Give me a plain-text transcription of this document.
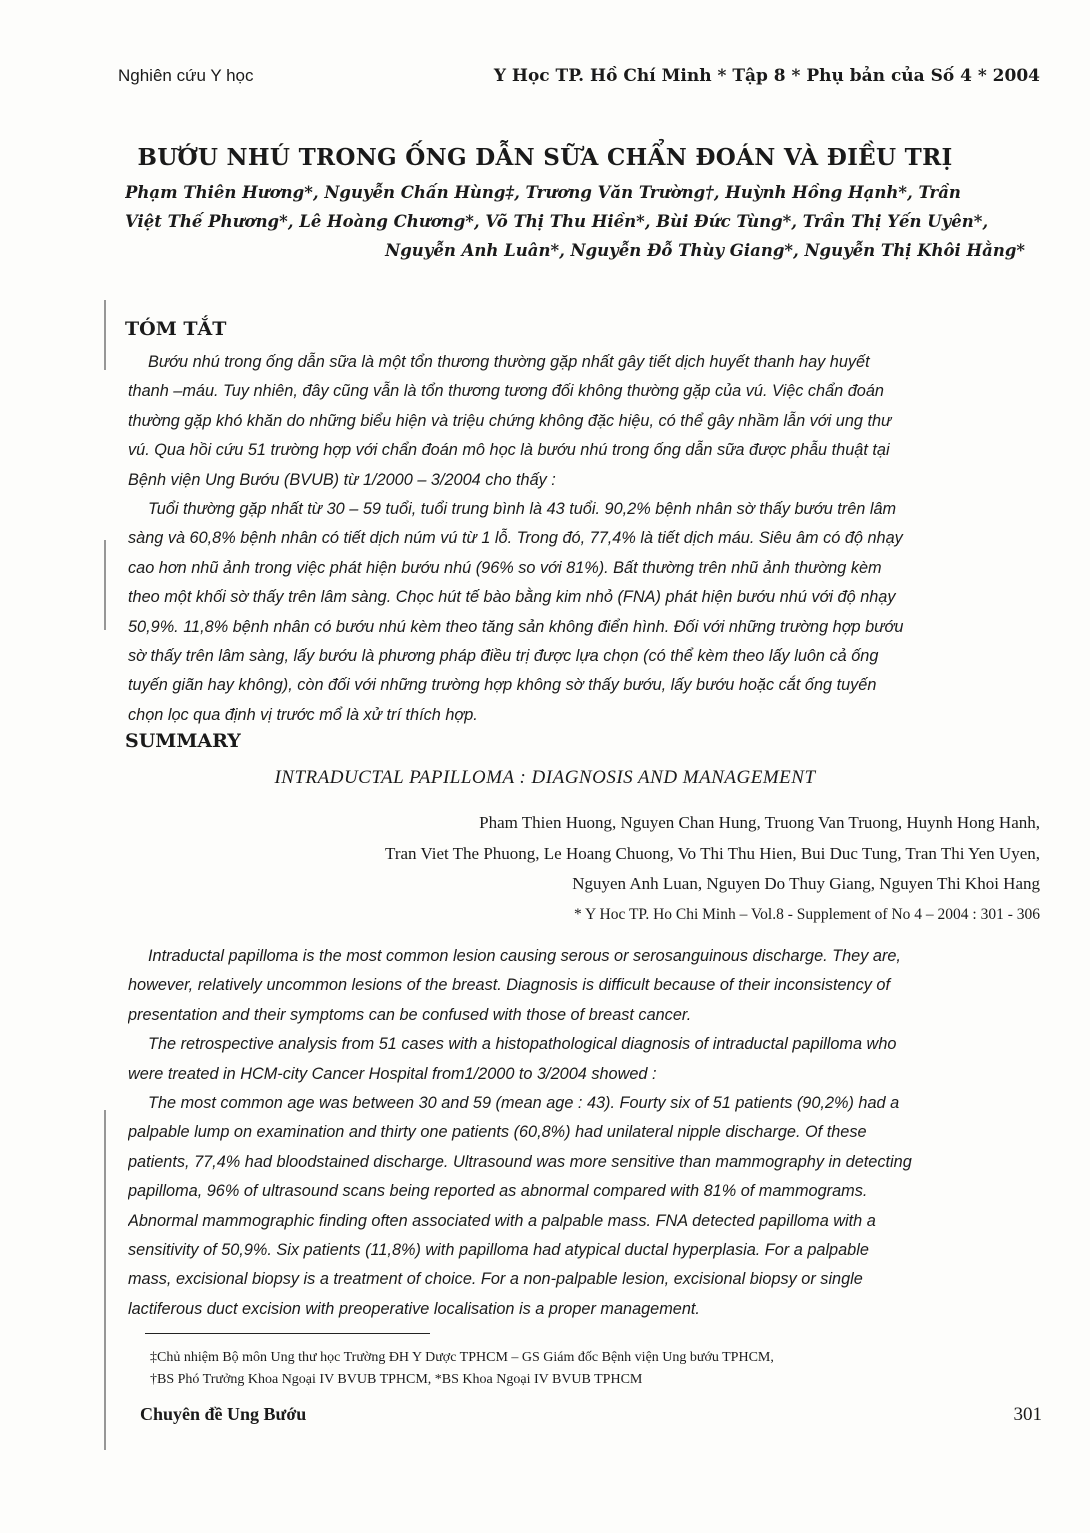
Nghiên cứu Y học	Y Học TP. Hồ Chí Minh * Tập 8 * Phụ bản của Số 4 * 2004
BƯỚU NHÚ TRONG ỐNG DẪN SỮA CHẨN ĐOÁN VÀ ĐIỀU TRỊ
Phạm Thiên Hương*, Nguyễn Chấn Hùng‡, Trương Văn Trường†, Huỳnh Hồng Hạnh*, Trần
Việt Thế Phương*, Lê Hoàng Chương*, Võ Thị Thu Hiền*, Bùi Đức Tùng*, Trần Thị Yến Uyên*,
Nguyễn Anh Luân*, Nguyễn Đỗ Thùy Giang*, Nguyễn Thị Khôi Hằng*
TÓM TẮT
Bướu nhú trong ống dẫn sữa là một tổn thương thường gặp nhất gây tiết dịch huyết thanh hay huyết
thanh –máu. Tuy nhiên, đây cũng vẫn là tổn thương tương đối không thường gặp của vú. Việc chẩn đoán
thường gặp khó khăn do những biểu hiện và triệu chứng không đặc hiệu, có thể gây nhầm lẫn với ung thư
vú. Qua hồi cứu 51 trường hợp với chẩn đoán mô học là bướu nhú trong ống dẫn sữa được phẫu thuật tại
Bệnh viện Ung Bướu (BVUB) từ 1/2000 – 3/2004 cho thấy :
Tuổi thường gặp nhất từ 30 – 59 tuổi, tuổi trung bình là 43 tuổi. 90,2% bệnh nhân sờ thấy bướu trên lâm
sàng và 60,8% bệnh nhân có tiết dịch núm vú từ 1 lỗ. Trong đó, 77,4% là tiết dịch máu. Siêu âm có độ nhạy
cao hơn nhũ ảnh trong việc phát hiện bướu nhú (96% so với 81%). Bất thường trên nhũ ảnh thường kèm
theo một khối sờ thấy trên lâm sàng. Chọc hút tế bào bằng kim nhỏ (FNA) phát hiện bướu nhú với độ nhạy
50,9%. 11,8% bệnh nhân có bướu nhú kèm theo tăng sản không điển hình. Đối với những trường hợp bướu
sờ thấy trên lâm sàng, lấy bướu là phương pháp điều trị được lựa chọn (có thể kèm theo lấy luôn cả ống
tuyến giãn hay không), còn đối với những trường hợp không sờ thấy bướu, lấy bướu hoặc cắt ống tuyến
chọn lọc qua định vị trước mổ là xử trí thích hợp.
SUMMARY
INTRADUCTAL PAPILLOMA : DIAGNOSIS AND MANAGEMENT
Pham Thien Huong, Nguyen Chan Hung, Truong Van Truong, Huynh Hong Hanh,
Tran Viet The Phuong, Le Hoang Chuong, Vo Thi Thu Hien, Bui Duc Tung, Tran Thi Yen Uyen,
Nguyen Anh Luan, Nguyen Do Thuy Giang, Nguyen Thi Khoi Hang
* Y Hoc TP. Ho Chi Minh – Vol.8 - Supplement of No 4 – 2004 : 301 - 306
Intraductal papilloma is the most common lesion causing serous or serosanguinous discharge. They are,
however, relatively uncommon lesions of the breast. Diagnosis is difficult because of their inconsistency of
presentation and their symptoms can be confused with those of breast cancer.
The retrospective analysis from 51 cases with a histopathological diagnosis of intraductal papilloma who
were treated in HCM-city Cancer Hospital from1/2000 to 3/2004 showed :
The most common age was between 30 and 59 (mean age : 43). Fourty six of 51 patients (90,2%) had a
palpable lump on examination and thirty one patients (60,8%) had unilateral nipple discharge. Of these
patients, 77,4% had bloodstained discharge. Ultrasound was more sensitive than mammography in detecting
papilloma, 96% of ultrasound scans being reported as abnormal compared with 81% of mammograms.
Abnormal mammographic finding often associated with a palpable mass. FNA detected papilloma with a
sensitivity of 50,9%. Six patients (11,8%) with papilloma had atypical ductal hyperplasia. For a palpable
mass, excisional biopsy is a treatment of choice. For a non-palpable lesion, excisional biopsy or single
lactiferous duct excision with preoperative localisation is a proper management.
‡Chủ nhiệm Bộ môn Ung thư học Trường ĐH Y Dược TPHCM – GS Giám đốc Bệnh viện Ung bướu TPHCM,
†BS Phó Trưởng Khoa Ngoại IV BVUB TPHCM, *BS Khoa Ngoại IV BVUB TPHCM
Chuyên đề Ung Bướu	301
